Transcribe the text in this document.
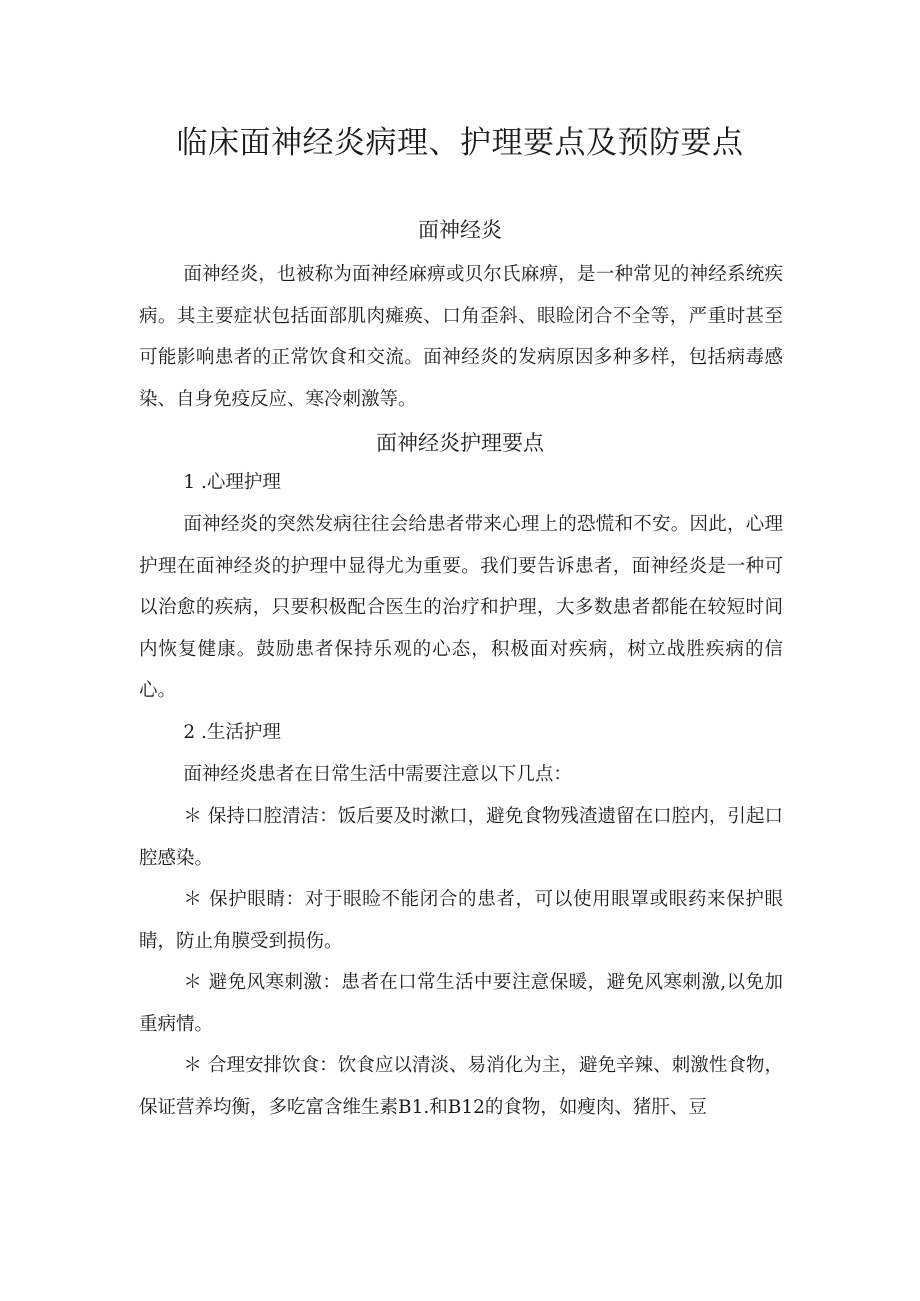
临床面神经炎病理、护理要点及预防要点
面神经炎

面神经炎，也被称为面神经麻痹或贝尔氏麻痹，是一种常见的神经系统疾病。其主要症状包括面部肌肉瘫痪、口角歪斜、眼睑闭合不全等，严重时甚至可能影响患者的正常饮食和交流。面神经炎的发病原因多种多样，包括病毒感染、自身免疫反应、寒冷刺激等。

面神经炎护理要点

1 .心理护理

面神经炎的突然发病往往会给患者带来心理上的恐慌和不安。因此，心理护理在面神经炎的护理中显得尤为重要。我们要告诉患者，面神经炎是一种可以治愈的疾病，只要积极配合医生的治疗和护理，大多数患者都能在较短时间内恢复健康。鼓励患者保持乐观的心态，积极面对疾病，树立战胜疾病的信心。

2 .生活护理

面神经炎患者在日常生活中需要注意以下几点：

＊ 保持口腔清洁：饭后要及时漱口，避免食物残渣遗留在口腔内，引起口腔感染。

＊ 保护眼睛：对于眼睑不能闭合的患者，可以使用眼罩或眼药来保护眼睛，防止角膜受到损伤。

＊ 避免风寒刺激：患者在口常生活中要注意保暖，避免风寒刺激,以免加重病情。

＊ 合理安排饮食：饮食应以清淡、易消化为主，避免辛辣、刺激性食物，保证营养均衡，多吃富含维生素B1.和B12的食物，如瘦肉、猪肝、豆
